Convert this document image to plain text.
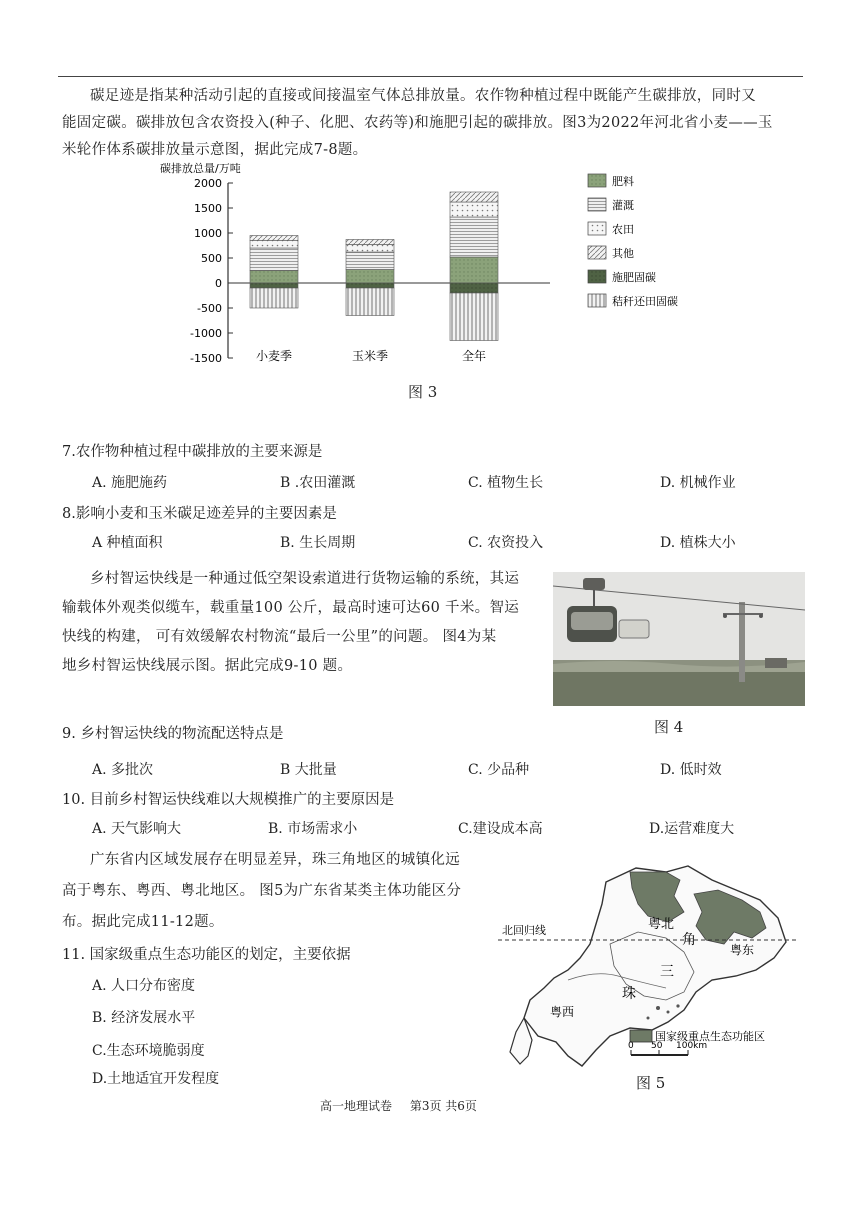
碳足迹是指某种活动引起的直接或间接温室气体总排放量。农作物种植过程中既能产生碳排放，同时又
能固定碳。碳排放包含农资投入(种子、化肥、农药等)和施肥引起的碳排放。图3为2022年河北省小麦——玉
米轮作体系碳排放量示意图，据此完成7-8题。
碳排放总量/万吨
2000
1500
1000
500
0
-500
-1000
-1500	小麦季	玉米季	全年
肥料
灌溉
农田
其他
施肥固碳
秸秆还田固碳
图 3
7.农作物种植过程中碳排放的主要来源是
A. 施肥施药	B .农田灌溉	C. 植物生长	D. 机械作业
8.影响小麦和玉米碳足迹差异的主要因素是
A 种植面积	B. 生长周期	C. 农资投入	D. 植株大小
乡村智运快线是一种通过低空架设索道进行货物运输的系统，其运
输载体外观类似缆车，载重量100 公斤，最高时速可达60 千米。智运
快线的构建， 可有效缓解农村物流“最后一公里”的问题。 图4为某
地乡村智运快线展示图。据此完成9-10 题。
图 4
9. 乡村智运快线的物流配送特点是
A. 多批次	B 大批量	C. 少品种	D. 低时效
10. 目前乡村智运快线难以大规模推广的主要原因是
A. 天气影响大	B. 市场需求小	C.建设成本高	D.运营难度大
广东省内区域发展存在明显差异，珠三角地区的城镇化远
高于粤东、粤西、粤北地区。 图5为广东省某类主体功能区分
布。据此完成11-12题。
11. 国家级重点生态功能区的划定，主要依据
A. 人口分布密度
B. 经济发展水平
C.生态环境脆弱度
D.土地适宜开发程度
北回归线	粤北
粤东
粤西
角
三
珠
国家级重点生态功能区
0 50 100km
图 5
高一地理试卷 第3页 共6页
